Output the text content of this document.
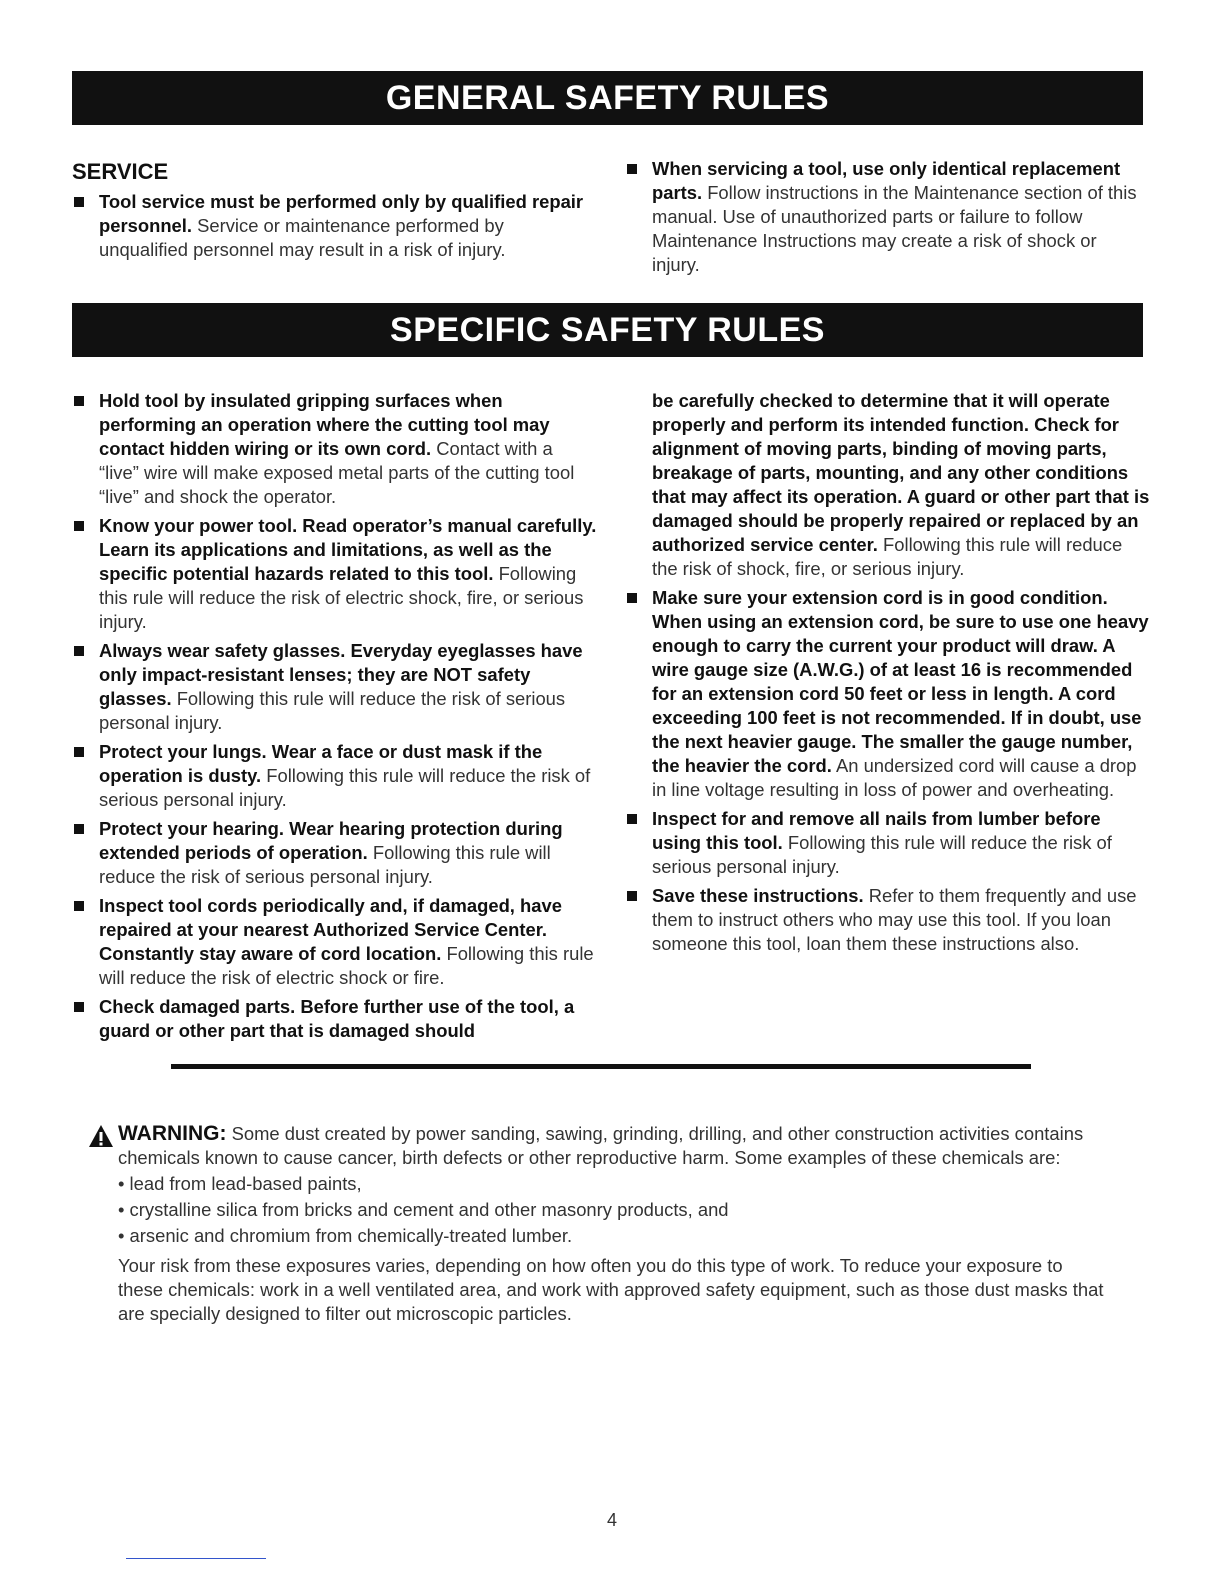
GENERAL SAFETY RULES
SERVICE
Tool service must be performed only by qualified repair personnel. Service or maintenance performed by unqualified personnel may result in a risk of injury.
When servicing a tool, use only identical replacement parts. Follow instructions in the Maintenance section of this manual. Use of unauthorized parts or failure to follow Maintenance Instructions may create a risk of shock or injury.
SPECIFIC SAFETY RULES
Hold tool by insulated gripping surfaces when performing an operation where the cutting tool may contact hidden wiring or its own cord. Contact with a “live” wire will make exposed metal parts of the cutting tool “live” and shock the operator.
Know your power tool. Read operator’s manual carefully. Learn its applications and limitations, as well as the specific potential hazards related to this tool. Following this rule will reduce the risk of electric shock, fire, or serious injury.
Always wear safety glasses. Everyday eyeglasses have only impact-resistant lenses; they are NOT safety glasses. Following this rule will reduce the risk of serious personal injury.
Protect your lungs. Wear a face or dust mask if the operation is dusty. Following this rule will reduce the risk of serious personal injury.
Protect your hearing. Wear hearing protection during extended periods of operation. Following this rule will reduce the risk of serious personal injury.
Inspect tool cords periodically and, if damaged, have repaired at your nearest Authorized Service Center. Constantly stay aware of cord location. Following this rule will reduce the risk of electric shock or fire.
Check damaged parts. Before further use of the tool, a guard or other part that is damaged should
be carefully checked to determine that it will operate properly and perform its intended function. Check for alignment of moving parts, binding of moving parts, breakage of parts, mounting, and any other conditions that may affect its operation. A guard or other part that is damaged should be properly repaired or replaced by an authorized service center. Following this rule will reduce the risk of shock, fire, or serious injury.
Make sure your extension cord is in good condition. When using an extension cord, be sure to use one heavy enough to carry the current your product will draw. A wire gauge size (A.W.G.) of at least 16 is recommended for an extension cord 50 feet or less in length. A cord exceeding 100 feet is not recommended. If in doubt, use the next heavier gauge. The smaller the gauge number, the heavier the cord. An undersized cord will cause a drop in line voltage resulting in loss of power and overheating.
Inspect for and remove all nails from lumber before using this tool. Following this rule will reduce the risk of serious personal injury.
Save these instructions. Refer to them frequently and use them to instruct others who may use this tool. If you loan someone this tool, loan them these instructions also.
WARNING: Some dust created by power sanding, sawing, grinding, drilling, and other construction activities contains chemicals known to cause cancer, birth defects or other reproductive harm. Some examples of these chemicals are:
• lead from lead-based paints,
• crystalline silica from bricks and cement and other masonry products, and
• arsenic and chromium from chemically-treated lumber.
Your risk from these exposures varies, depending on how often you do this type of work. To reduce your exposure to these chemicals: work in a well ventilated area, and work with approved safety equipment, such as those dust masks that are specially designed to filter out microscopic particles.
4
